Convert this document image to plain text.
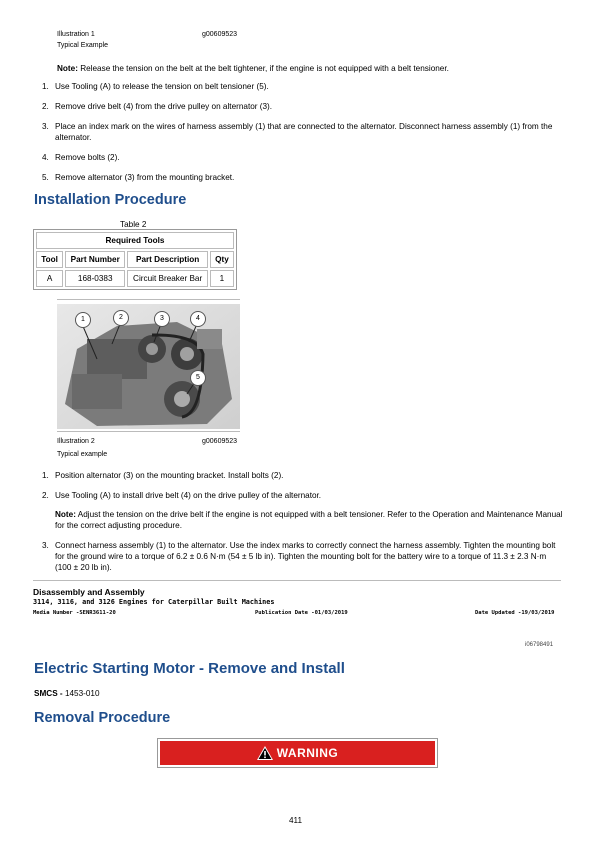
Illustration 1	g00609523
Typical Example
Note: Release the tension on the belt at the belt tightener, if the engine is not equipped with a belt tensioner.
1. Use Tooling (A) to release the tension on belt tensioner (5).
2. Remove drive belt (4) from the drive pulley on alternator (3).
3. Place an index mark on the wires of harness assembly (1) that are connected to the alternator. Disconnect harness assembly (1) from the alternator.
4. Remove bolts (2).
5. Remove alternator (3) from the mounting bracket.
Installation Procedure
Table 2
Required Tools			
Tool	Part Number	Part Description	Qty
A	168-0383	Circuit Breaker Bar	1
1	2	3	4
5
Illustration 2	g00609523
Typical example
1. Position alternator (3) on the mounting bracket. Install bolts (2).
2. Use Tooling (A) to install drive belt (4) on the drive pulley of the alternator.
Note: Adjust the tension on the drive belt if the engine is not equipped with a belt tensioner. Refer to the Operation and Maintenance Manual for the correct adjusting procedure.
3. Connect harness assembly (1) to the alternator. Use the index marks to correctly connect the harness assembly. Tighten the mounting bolt for the ground wire to a torque of 6.2 ± 0.6 N·m (54 ± 5 lb in). Tighten the mounting bolt for the battery wire to a torque of 11.3 ± 2.3 N·m (100 ± 20 lb in).
Disassembly and Assembly
3114, 3116, and 3126 Engines for Caterpillar Built Machines
Media Number -SENR3611-20	Publication Date -01/03/2019	Date Updated -19/03/2019
i06798491
Electric Starting Motor - Remove and Install
SMCS - 1453-010
Removal Procedure
WARNING
411
